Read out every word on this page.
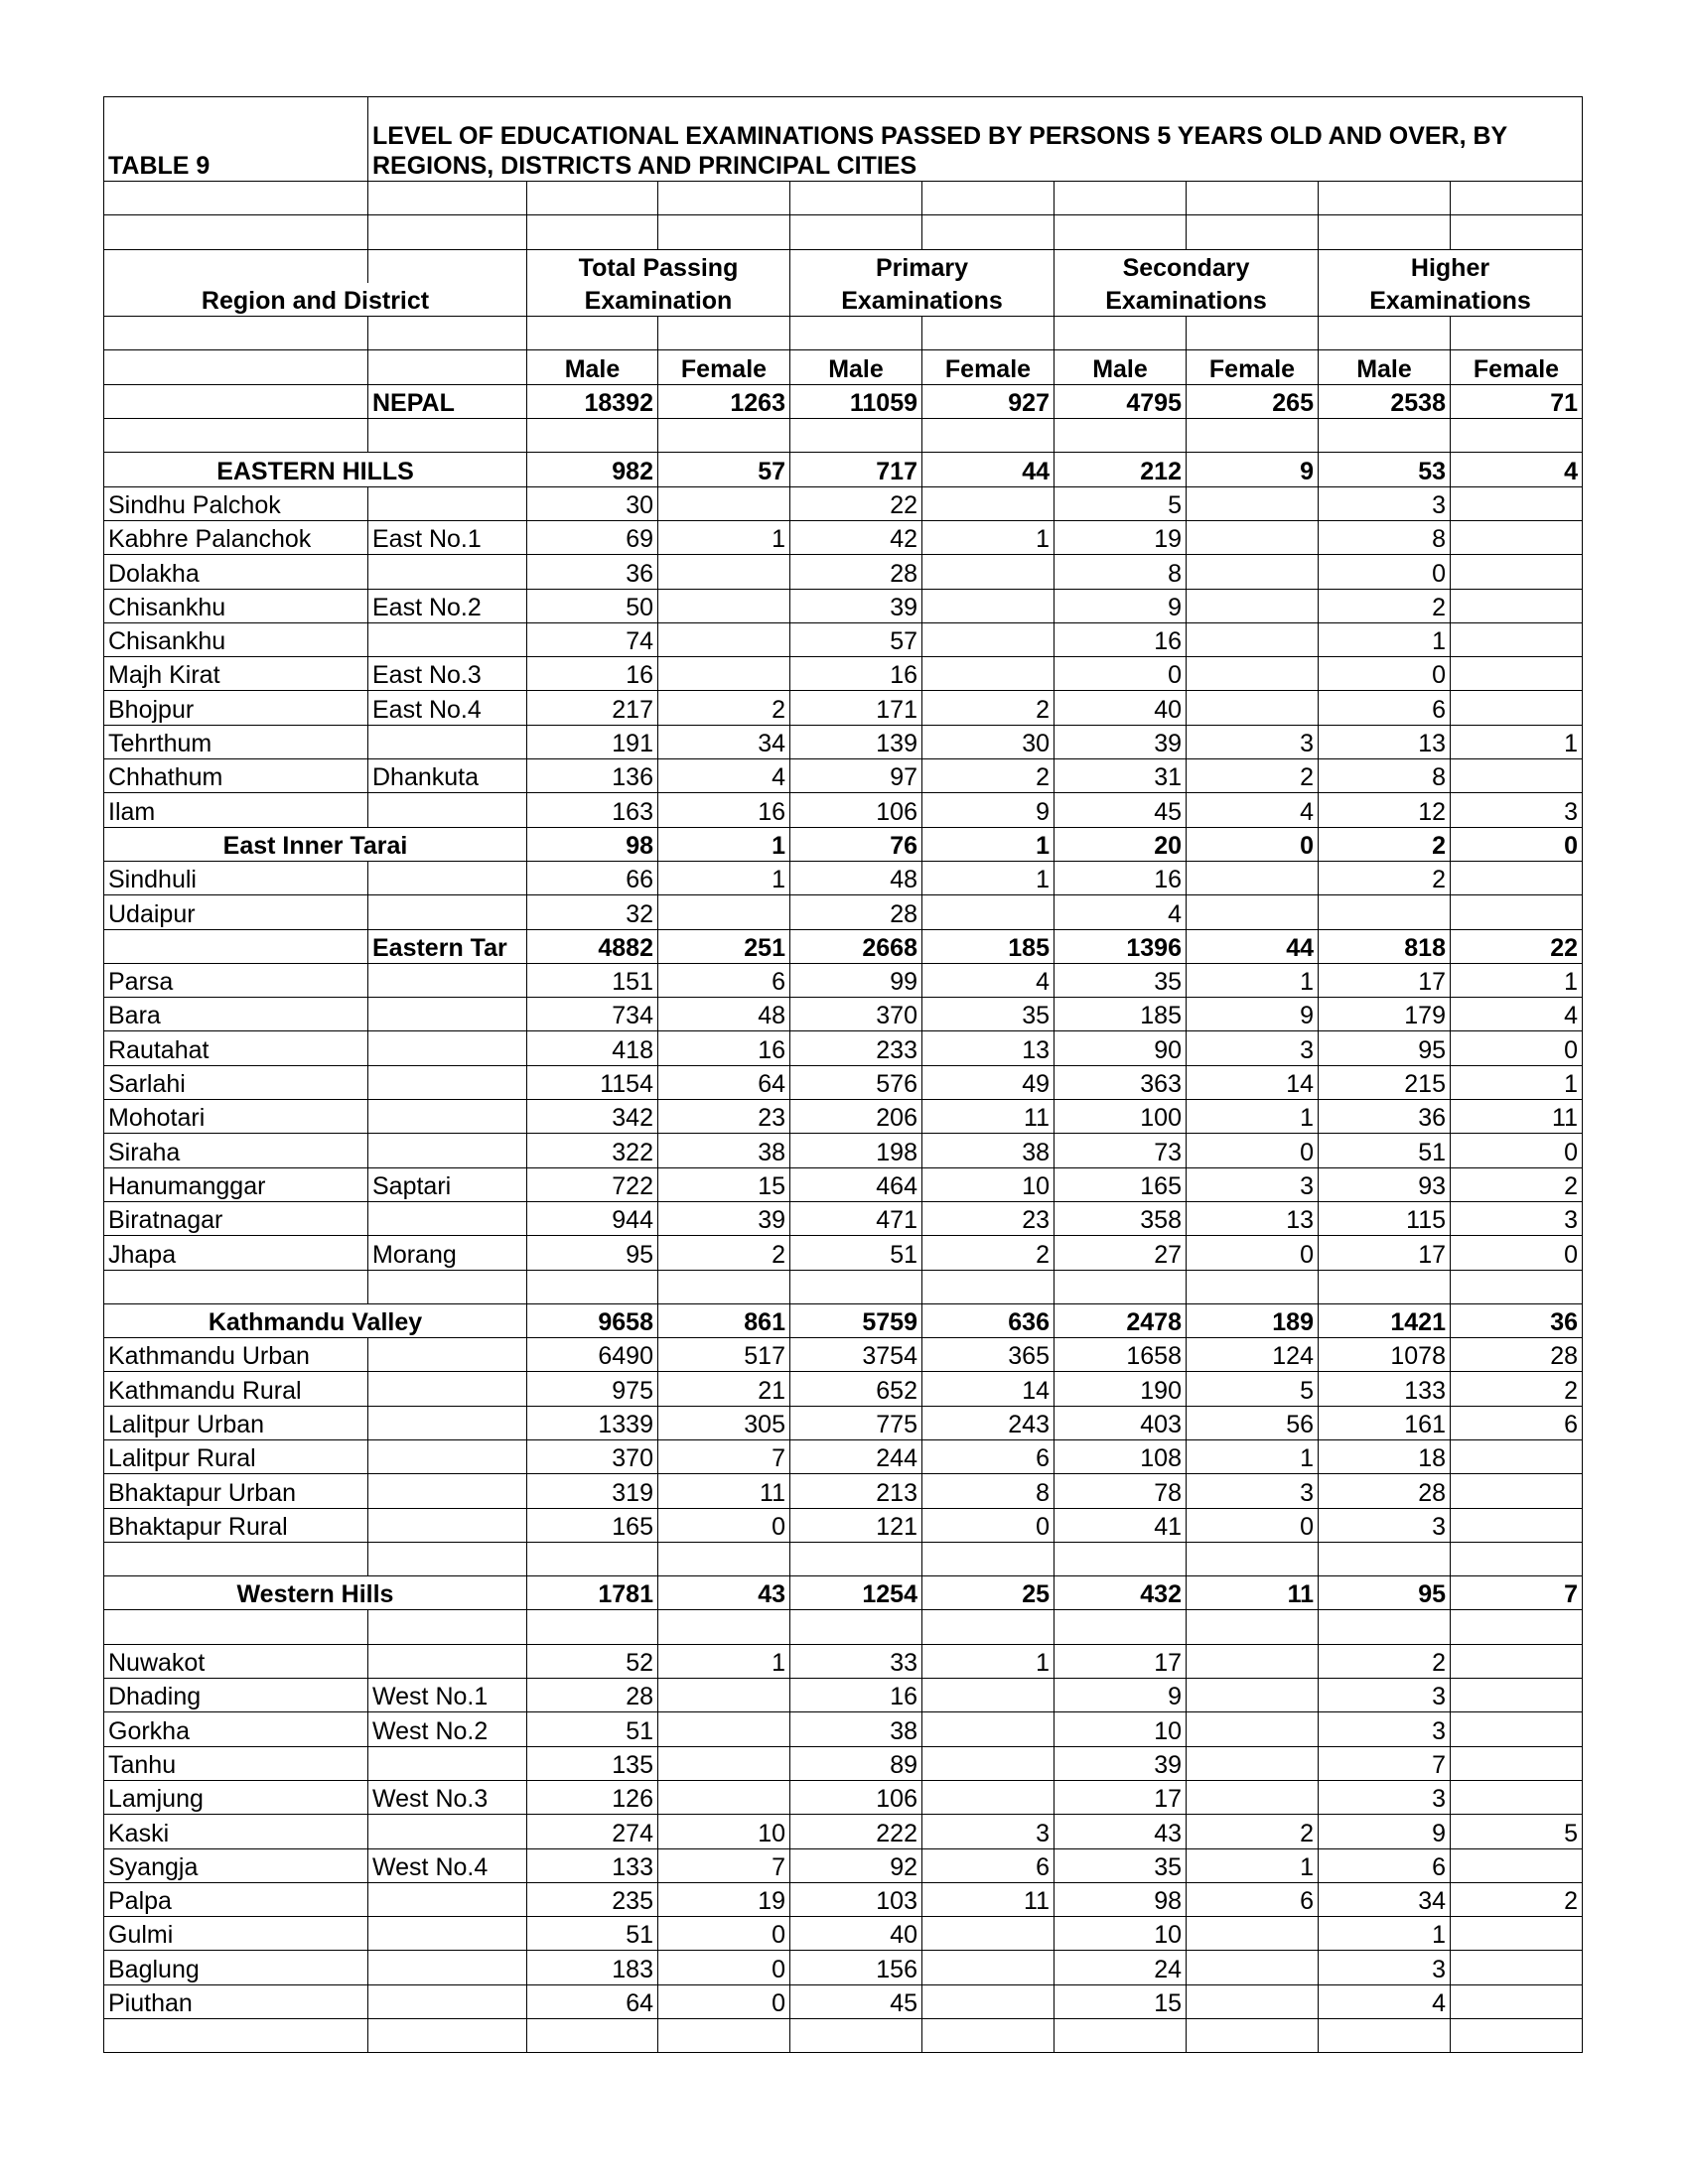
TABLE 9	LEVEL OF EDUCATIONAL EXAMINATIONS PASSED BY PERSONS 5 YEARS OLD AND OVER, BY REGIONS, DISTRICTS AND PRINCIPAL CITIES								

		Total Passing		Primary		Secondary		Higher	
Region and District		Examination		Examinations		Examinations		Examinations	

		Male	Female	Male	Female	Male	Female	Male	Female
	NEPAL	18392	1263	11059	927	4795	265	2538	71

EASTERN HILLS		982	57	717	44	212	9	53	4
Sindhu Palchok		30		22		5		3	
Kabhre Palanchok	East No.1	69	1	42	1	19		8	
Dolakha		36		28		8		0	
Chisankhu	East No.2	50		39		9		2	
Chisankhu		74		57		16		1	
Majh Kirat	East No.3	16		16		0		0	
Bhojpur	East No.4	217	2	171	2	40		6	
Tehrthum		191	34	139	30	39	3	13	1
Chhathum	Dhankuta	136	4	97	2	31	2	8	
Ilam		163	16	106	9	45	4	12	3
East Inner Tarai		98	1	76	1	20	0	2	0
Sindhuli		66	1	48	1	16		2	
Udaipur		32		28		4			
	Eastern Tar	4882	251	2668	185	1396	44	818	22
Parsa		151	6	99	4	35	1	17	1
Bara		734	48	370	35	185	9	179	4
Rautahat		418	16	233	13	90	3	95	0
Sarlahi		1154	64	576	49	363	14	215	1
Mohotari		342	23	206	11	100	1	36	11
Siraha		322	38	198	38	73	0	51	0
Hanumanggar	Saptari	722	15	464	10	165	3	93	2
Biratnagar		944	39	471	23	358	13	115	3
Jhapa	Morang	95	2	51	2	27	0	17	0

Kathmandu Valley		9658	861	5759	636	2478	189	1421	36
Kathmandu Urban		6490	517	3754	365	1658	124	1078	28
Kathmandu Rural		975	21	652	14	190	5	133	2
Lalitpur Urban		1339	305	775	243	403	56	161	6
Lalitpur Rural		370	7	244	6	108	1	18	
Bhaktapur Urban		319	11	213	8	78	3	28	
Bhaktapur Rural		165	0	121	0	41	0	3	

Western Hills		1781	43	1254	25	432	11	95	7

Nuwakot		52	1	33	1	17		2	
Dhading	West No.1	28		16		9		3	
Gorkha	West No.2	51		38		10		3	
Tanhu		135		89		39		7	
Lamjung	West No.3	126		106		17		3	
Kaski		274	10	222	3	43	2	9	5
Syangja	West No.4	133	7	92	6	35	1	6	
Palpa		235	19	103	11	98	6	34	2
Gulmi		51	0	40		10		1	
Baglung		183	0	156		24		3	
Piuthan		64	0	45		15		4	
